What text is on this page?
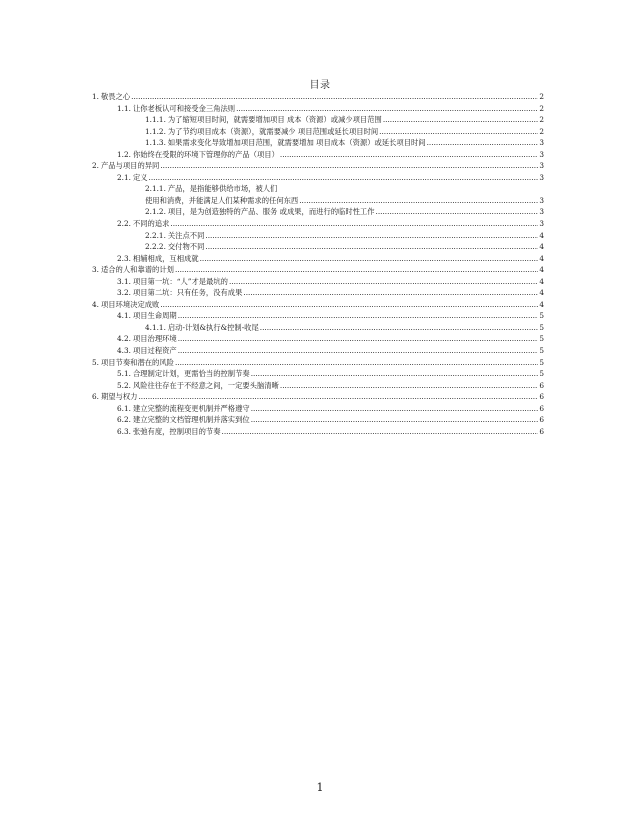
目录
1. 敬畏之心 .....	2
1.1. 让你老板认可和接受金三角法则 .....	2
1.1.1. 为了缩短项目时间，就需要增加项目 成本（资源）或减少项目范围 .....	2
1.1.2. 为了节约项目成本（资源），就需要减少 项目范围或延长项目时间 .....	2
1.1.3. 如果需求变化导致增加项目范围，就需要增加 项目成本（资源）或延长项目时间 .....	3
1.2. 你始终在受限的环境下管理你的产品（项目） .....	3
2. 产品与项目的异同 .....	3
2.1. 定义 .....	3
2.1.1. 产品，是指能够供给市场，被人们
使用和消费，并能满足人们某种需求的任何东西 .....	3
2.1.2. 项目，是为创造独特的产品、服务 或成果，而进行的临时性工作 .....	3
2.2. 不同的追求 .....	3
2.2.1. 关注点不同 .....	4
2.2.2. 交付物不同 .....	4
2.3. 相辅相成，互相成就 .....	4
3. 适合的人和靠谱的计划 .....	4
3.1. 项目第一坑：“人”才是最坑的 .....	4
3.2. 项目第二坑：只有任务，没有成果 .....	4
4. 项目环境决定成败 .....	4
4.1. 项目生命周期 .....	5
4.1.1. 启动-计划&执行&控制-收尾 .....	5
4.2. 项目治理环境 .....	5
4.3. 项目过程资产 .....	5
5. 项目节奏和潜在的风险 .....	5
5.1. 合理制定计划，更需恰当的控制节奏 .....	5
5.2. 风险往往存在于不经意之间，一定要头脑清晰 .....	6
6. 期望与权力 .....	6
6.1. 建立完整的流程变更机制并严格遵守 .....	6
6.2. 建立完整的文档管理机制并落实到位 .....	6
6.3. 张弛有度，控制项目的节奏 .....	6
1
